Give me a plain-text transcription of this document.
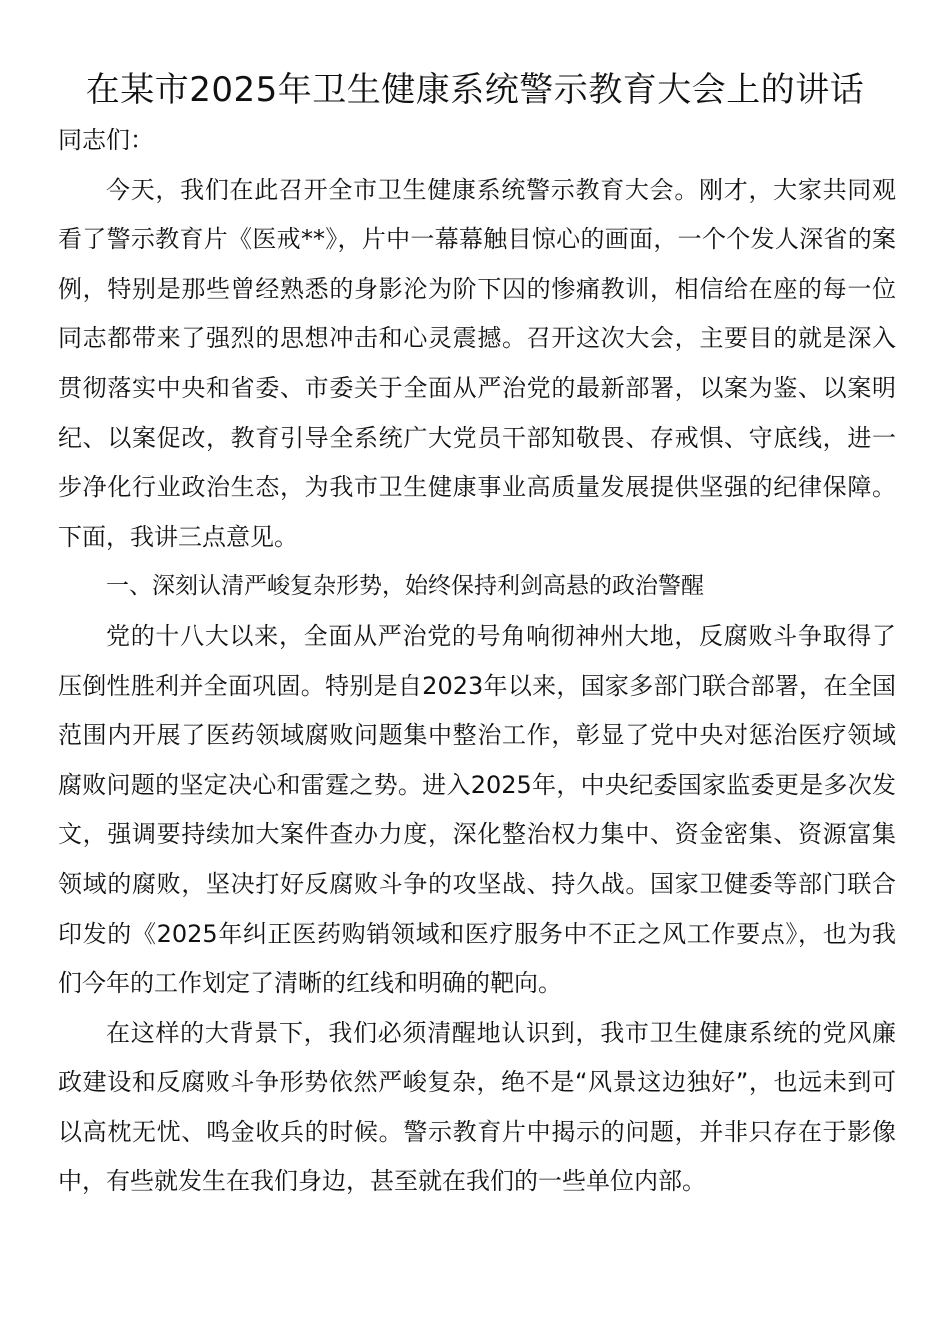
在某市2025年卫生健康系统警示教育大会上的讲话

同志们：

今天，我们在此召开全市卫生健康系统警示教育大会。刚才，大家共同观看了警示教育片《医戒**》，片中一幕幕触目惊心的画面，一个个发人深省的案例，特别是那些曾经熟悉的身影沦为阶下囚的惨痛教训，相信给在座的每一位同志都带来了强烈的思想冲击和心灵震撼。召开这次大会，主要目的就是深入贯彻落实中央和省委、市委关于全面从严治党的最新部署，以案为鉴、以案明纪、以案促改，教育引导全系统广大党员干部知敬畏、存戒惧、守底线，进一步净化行业政治生态，为我市卫生健康事业高质量发展提供坚强的纪律保障。下面，我讲三点意见。

一、深刻认清严峻复杂形势，始终保持利剑高悬的政治警醒

党的十八大以来，全面从严治党的号角响彻神州大地，反腐败斗争取得了压倒性胜利并全面巩固。特别是自2023年以来，国家多部门联合部署，在全国范围内开展了医药领域腐败问题集中整治工作，彰显了党中央对惩治医疗领域腐败问题的坚定决心和雷霆之势。进入2025年，中央纪委国家监委更是多次发文，强调要持续加大案件查办力度，深化整治权力集中、资金密集、资源富集领域的腐败，坚决打好反腐败斗争的攻坚战、持久战。国家卫健委等部门联合印发的《2025年纠正医药购销领域和医疗服务中不正之风工作要点》，也为我们今年的工作划定了清晰的红线和明确的靶向。

在这样的大背景下，我们必须清醒地认识到，我市卫生健康系统的党风廉政建设和反腐败斗争形势依然严峻复杂，绝不是“风景这边独好”，也远未到可以高枕无忧、鸣金收兵的时候。警示教育片中揭示的问题，并非只存在于影像中，有些就发生在我们身边，甚至就在我们的一些单位内部。
